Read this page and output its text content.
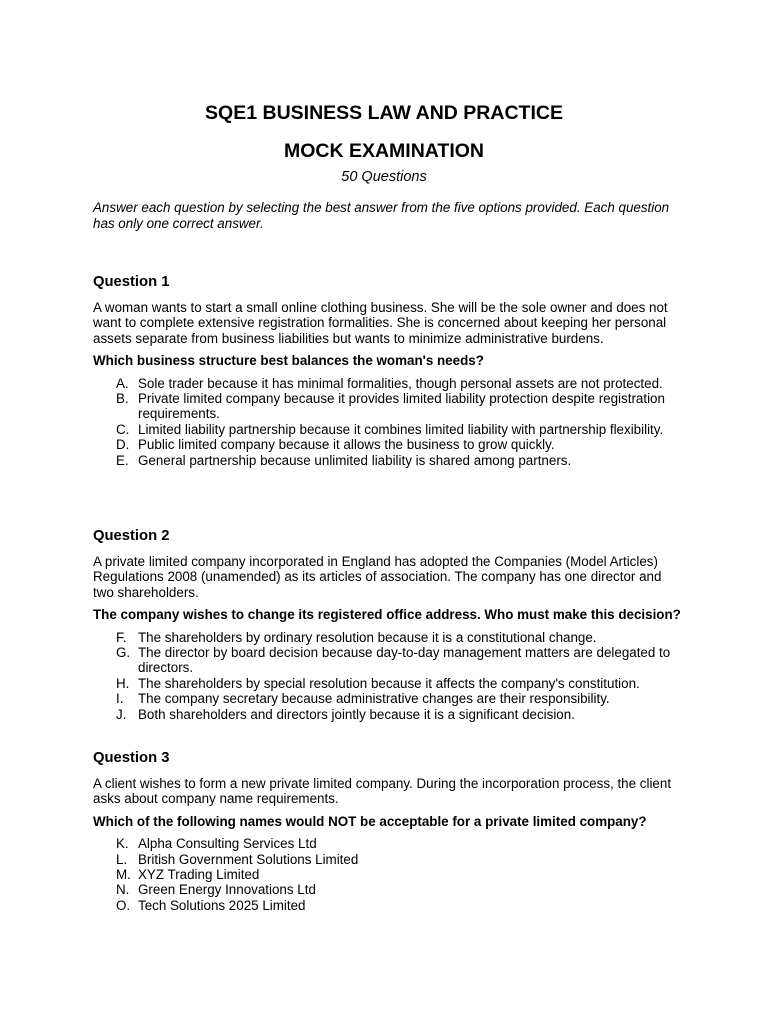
SQE1 BUSINESS LAW AND PRACTICE
MOCK EXAMINATION

50 Questions

Answer each question by selecting the best answer from the five options provided. Each question has only one correct answer.

Question 1

A woman wants to start a small online clothing business. She will be the sole owner and does not want to complete extensive registration formalities. She is concerned about keeping her personal assets separate from business liabilities but wants to minimize administrative burdens.

Which business structure best balances the woman's needs?

A. Sole trader because it has minimal formalities, though personal assets are not protected.
B. Private limited company because it provides limited liability protection despite registration requirements.
C. Limited liability partnership because it combines limited liability with partnership flexibility.
D. Public limited company because it allows the business to grow quickly.
E. General partnership because unlimited liability is shared among partners.
Question 2

A private limited company incorporated in England has adopted the Companies (Model Articles) Regulations 2008 (unamended) as its articles of association. The company has one director and two shareholders.

The company wishes to change its registered office address. Who must make this decision?

F. The shareholders by ordinary resolution because it is a constitutional change.
G. The director by board decision because day-to-day management matters are delegated to directors.
H. The shareholders by special resolution because it affects the company's constitution.
I.	The company secretary because administrative changes are their responsibility.
J. Both shareholders and directors jointly because it is a significant decision.
Question 3

A client wishes to form a new private limited company. During the incorporation process, the client asks about company name requirements.

Which of the following names would NOT be acceptable for a private limited company?

K. Alpha Consulting Services Ltd
L. British Government Solutions Limited
M. XYZ Trading Limited
N. Green Energy Innovations Ltd
O. Tech Solutions 2025 Limited
